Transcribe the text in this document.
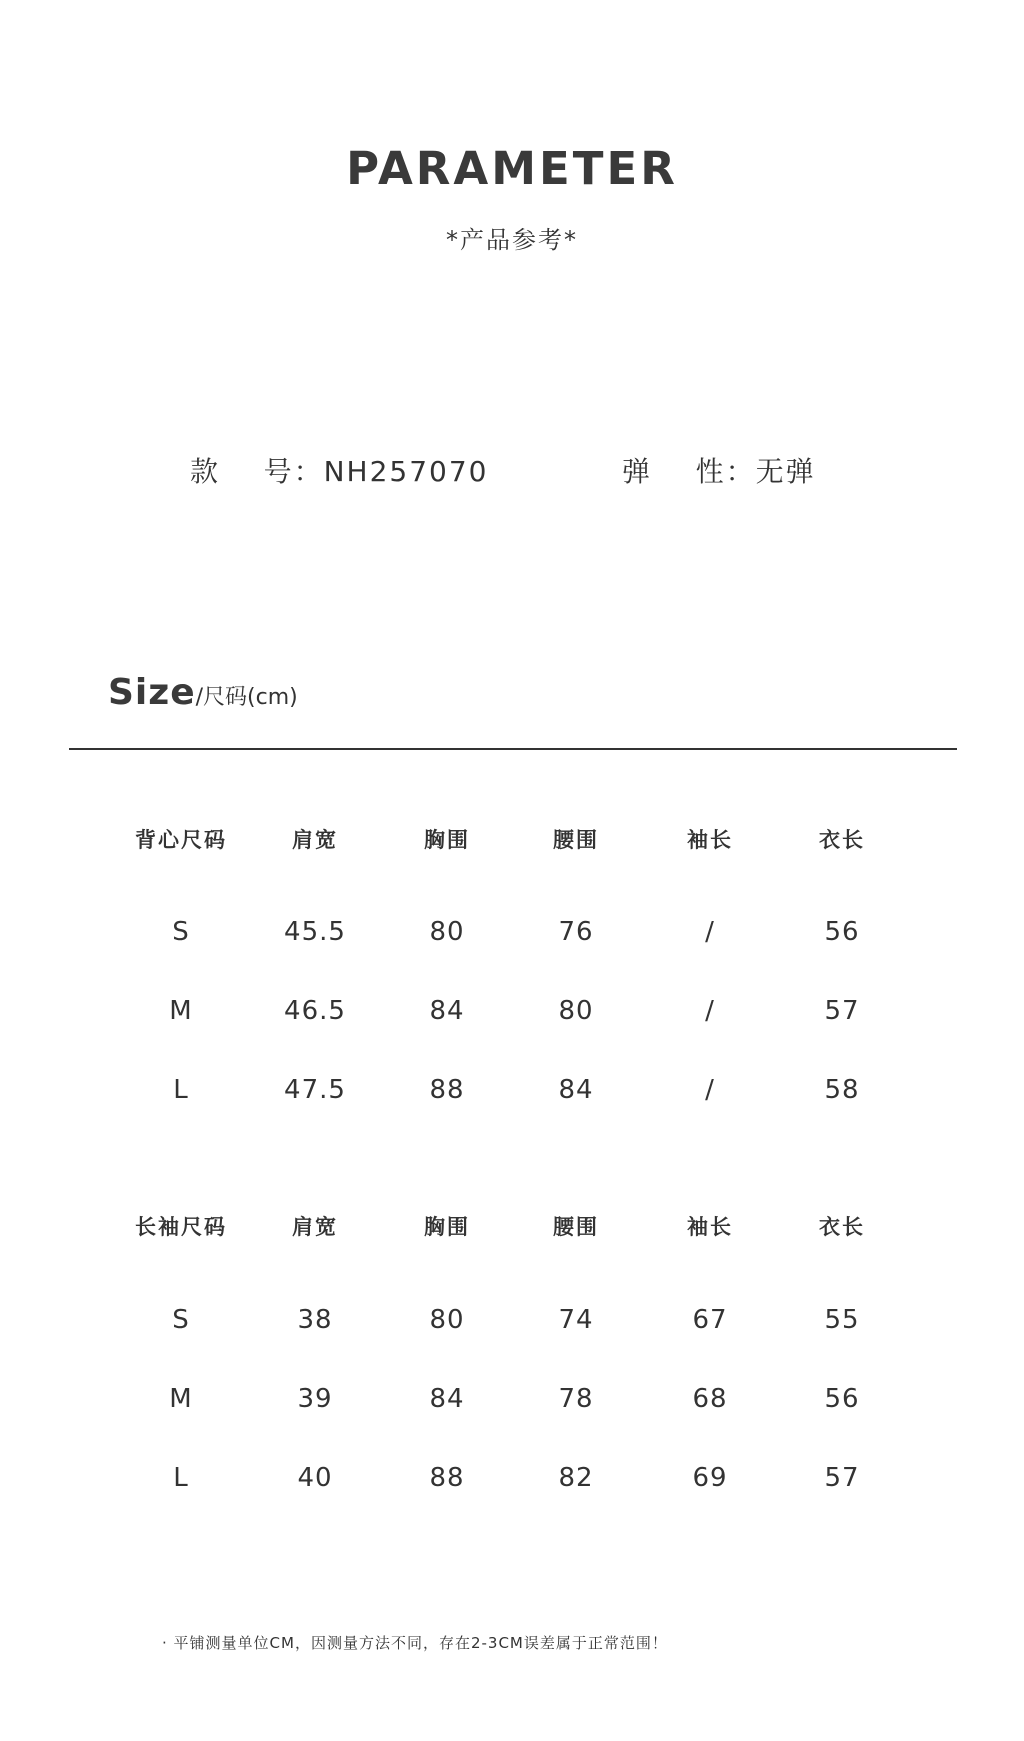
PARAMETER
*产品参考*
款    号：NH257070	弹    性：无弹
Size/尺码(cm)
背心尺码	肩宽	胸围	腰围	袖长	衣长
S	45.5	80	76	/	56
M	46.5	84	80	/	57
L	47.5	88	84	/	58
长袖尺码	肩宽	胸围	腰围	袖长	衣长
S	38	80	74	67	55
M	39	84	78	68	56
L	40	88	82	69	57
· 平铺测量单位CM，因测量方法不同，存在2-3CM误差属于正常范围！
